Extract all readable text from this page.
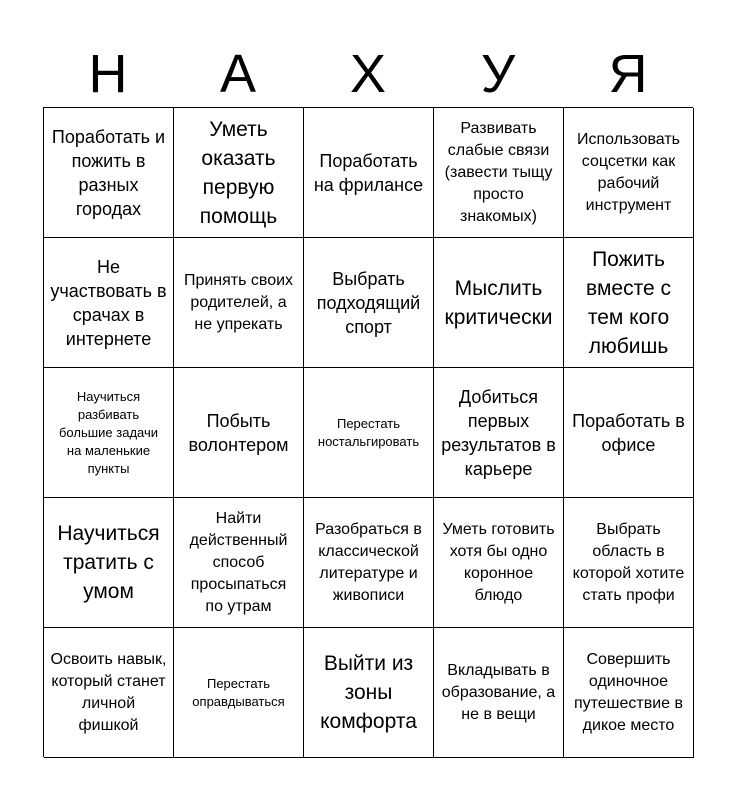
Н	А	Х	У	Я
Поработать и пожить в разных городах
Уметь оказать первую помощь
Поработать на фрилансе
Развивать слабые связи (завести тыщу просто знакомых)
Использовать соцсетки как рабочий инструмент
Не участвовать в срачах в интернете
Принять своих родителей, а не упрекать
Выбрать подходящий спорт
Мыслить критически
Пожить вместе с тем кого любишь
Научиться разбивать большие задачи на маленькие пункты
Побыть волонтером
Перестать ностальгировать
Добиться первых результатов в карьере
Поработать в офисе
Научиться тратить с умом
Найти действенный способ просыпаться по утрам
Разобраться в классической литературе и живописи
Уметь готовить хотя бы одно коронное блюдо
Выбрать область в которой хотите стать профи
Освоить навык, который станет личной фишкой
Перестать оправдываться
Выйти из зоны комфорта
Вкладывать в образование, а не в вещи
Совершить одиночное путешествие в дикое место
